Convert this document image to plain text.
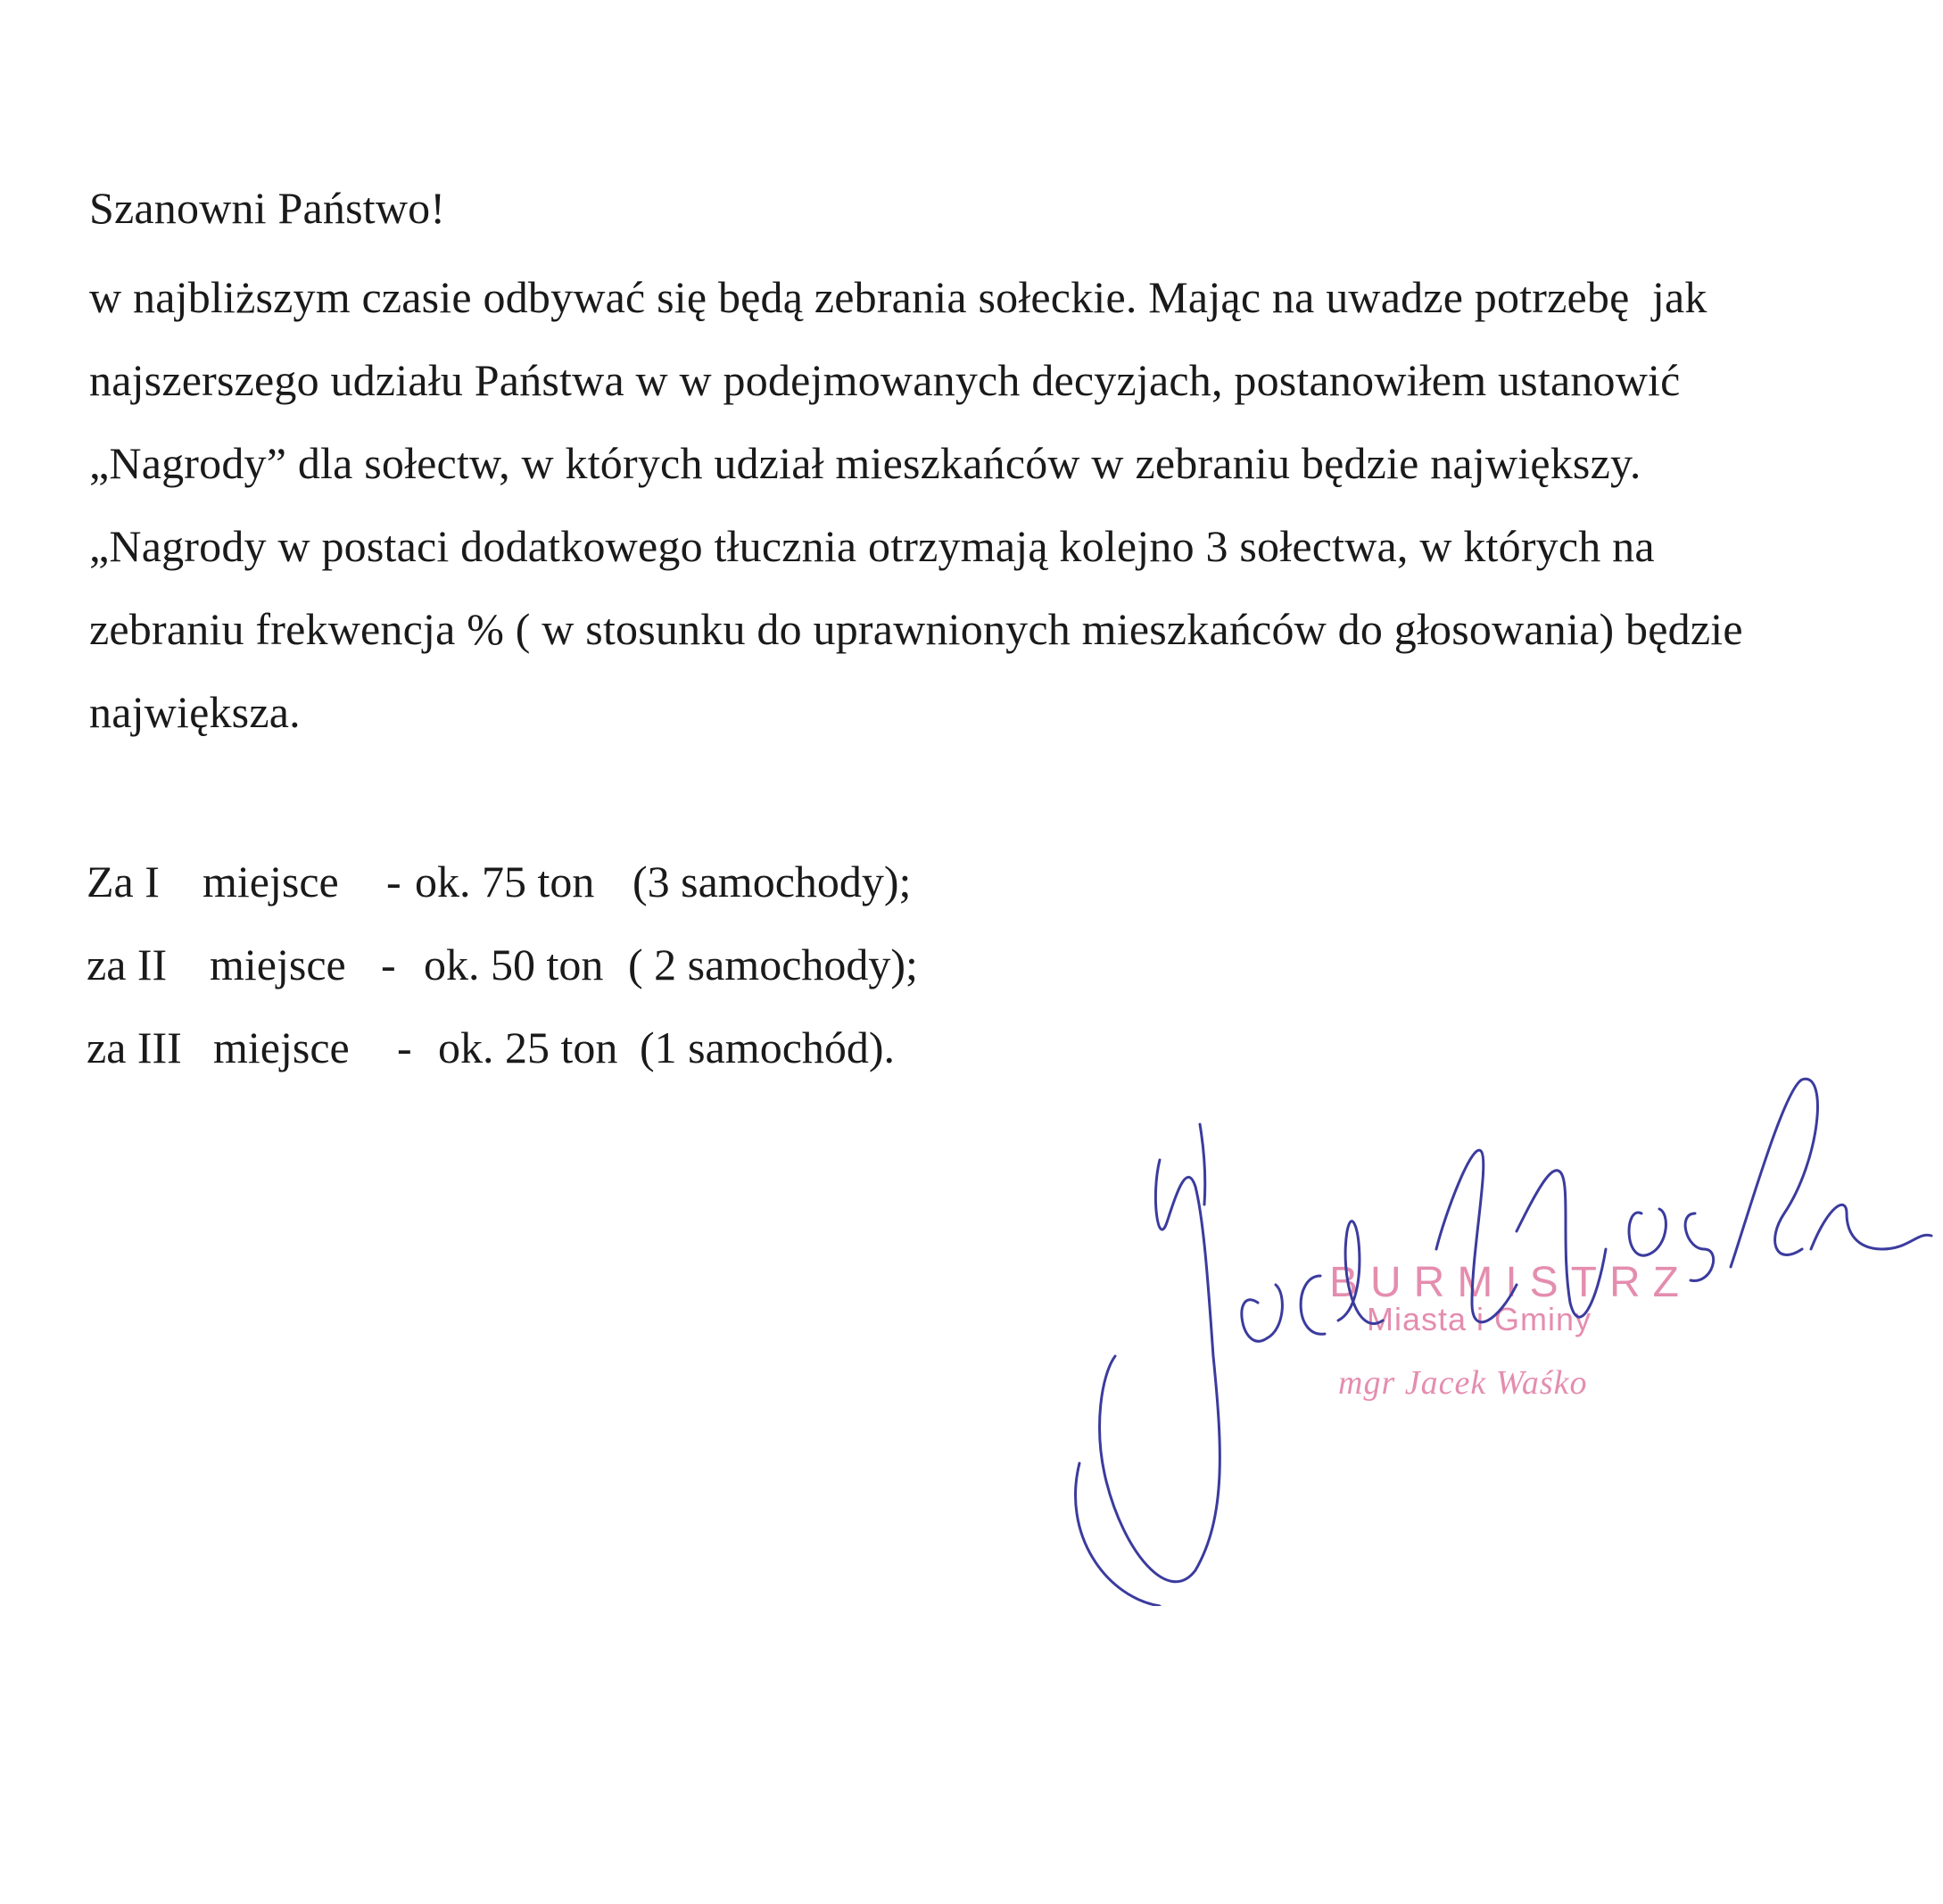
Szanowni Państwo!

w najbliższym czasie odbywać się będą zebrania sołeckie. Mając na uwadze potrzebę  jak

najszerszego udziału Państwa w w podejmowanych decyzjach, postanowiłem ustanowić

„Nagrody” dla sołectw, w których udział mieszkańców w zebraniu będzie największy.

„Nagrody w postaci dodatkowego tłucznia otrzymają kolejno 3 sołectwa, w których na

zebraniu frekwencja % ( w stosunku do uprawnionych mieszkańców do głosowania) będzie

największa.

Za I miejsce - ok. 75 ton (3 samochody);
za II miejsce - ok. 50 ton ( 2 samochody);
za III miejsce - ok. 25 ton (1 samochód).
BURMISTRZ
Miasta i Gminy
mgr Jacek Waśko
